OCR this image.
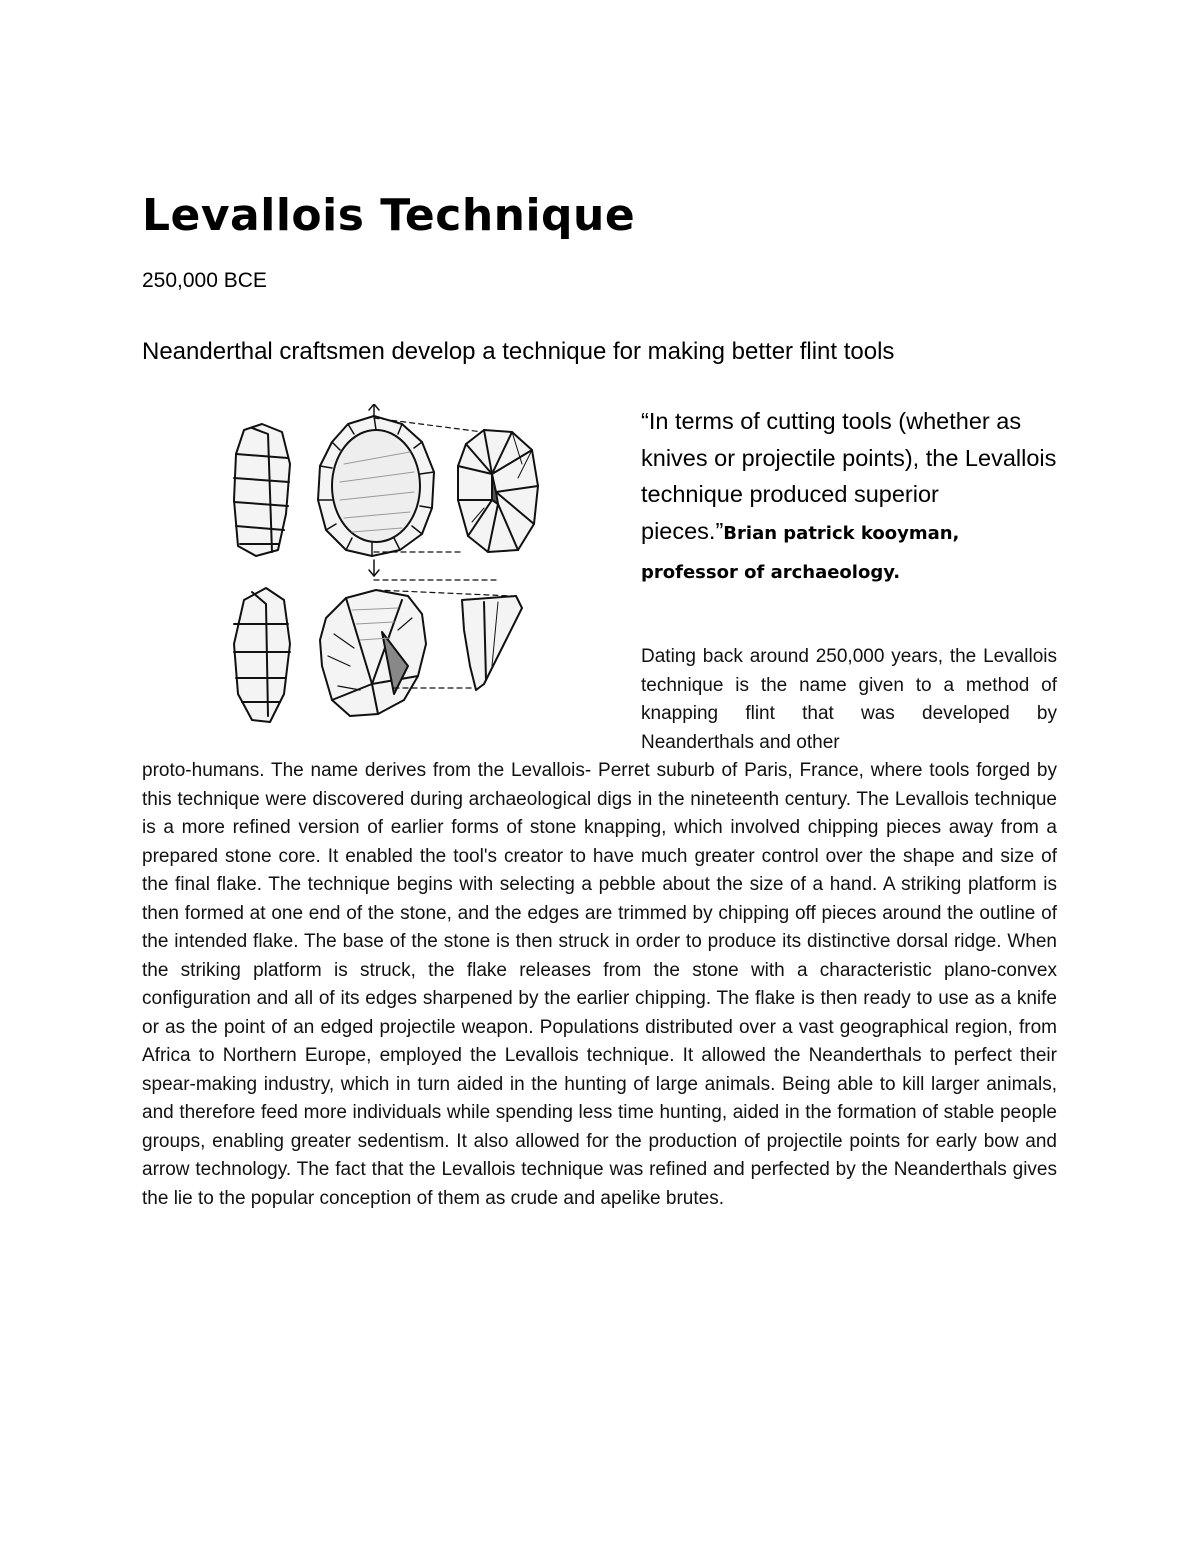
Levallois Technique
250,000 BCE
Neanderthal craftsmen develop a technique for making better flint tools
“In terms of cutting tools (whether as knives or projectile points), the Levallois technique produced superior pieces.”Brian patrick kooyman, professor of archaeology.

Dating back around 250,000 years, the Levallois technique is the name given to a method of knapping flint that was developed by Neanderthals and other

proto-humans. The name derives from the Levallois- Perret suburb of Paris, France, where tools forged by this technique were discovered during archaeological digs in the nineteenth century. The Levallois technique is a more refined version of earlier forms of stone knapping, which involved chipping pieces away from a prepared stone core. It enabled the tool's creator to have much greater control over the shape and size of the final flake. The technique begins with selecting a pebble about the size of a hand. A striking platform is then formed at one end of the stone, and the edges are trimmed by chipping off pieces around the outline of the intended flake. The base of the stone is then struck in order to produce its distinctive dorsal ridge. When the striking platform is struck, the flake releases from the stone with a characteristic plano-convex configuration and all of its edges sharpened by the earlier chipping. The flake is then ready to use as a knife or as the point of an edged projectile weapon. Populations distributed over a vast geographical region, from Africa to Northern Europe, employed the Levallois technique. It allowed the Neanderthals to perfect their spear-making industry, which in turn aided in the hunting of large animals. Being able to kill larger animals, and therefore feed more individuals while spending less time hunting, aided in the formation of stable people groups, enabling greater sedentism. It also allowed for the production of projectile points for early bow and arrow technology. The fact that the Levallois technique was refined and perfected by the Neanderthals gives the lie to the popular conception of them as crude and apelike brutes.
